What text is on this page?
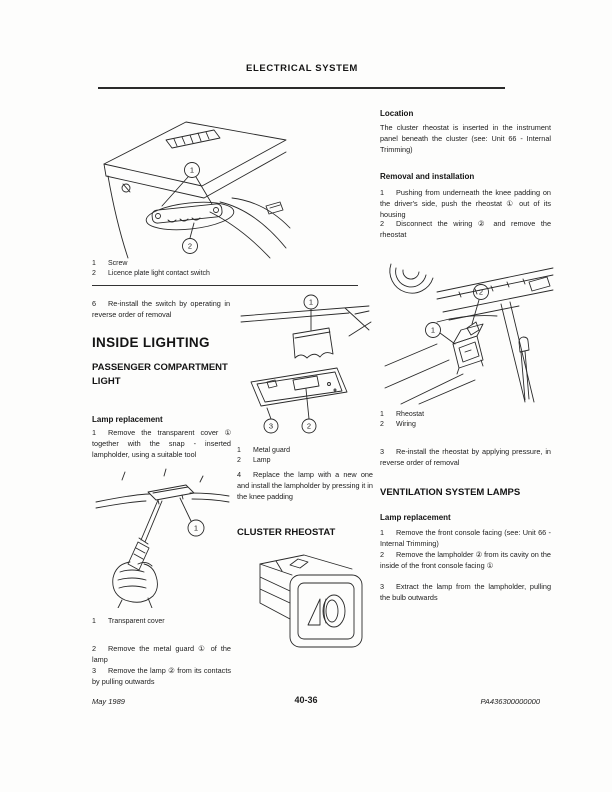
ELECTRICAL SYSTEM
1
2
1	Screw
2	Licence plate light contact switch

6 Re-install the switch by operating in reverse order of removal

INSIDE LIGHTING
PASSENGER COMPARTMENT LIGHT
Lamp replacement

1 Remove the transparent cover ① together with the snap - inserted lampholder, using a suitable tool

1
1	Transparent cover

2 Remove the metal guard ① of the lamp

3 Remove the lamp ② from its contacts by pulling outwards

1
3	2
1	Metal guard
2	Lamp

4 Replace the lamp with a new one and install the lampholder by pressing it in the knee padding

CLUSTER RHEOSTAT
Location

The cluster rheostat is inserted in the instrument panel beneath the cluster (see: Unit 66 - Internal Trimming)

Removal and installation

1 Pushing from underneath the knee padding on the driver's side, push the rheostat ① out of its housing

2 Disconnect the wiring ② and remove the rheostat

1
2
1	Rheostat
2	Wiring

3 Re-install the rheostat by applying pressure, in reverse order of removal

VENTILATION SYSTEM LAMPS
Lamp replacement

1 Remove the front console facing (see: Unit 66 - Internal Trimming)

2 Remove the lampholder ② from its cavity on the inside of the front console facing ①

3 Extract the lamp from the lampholder, pulling the bulb outwards

May 1989	40-36	PA436300000000
